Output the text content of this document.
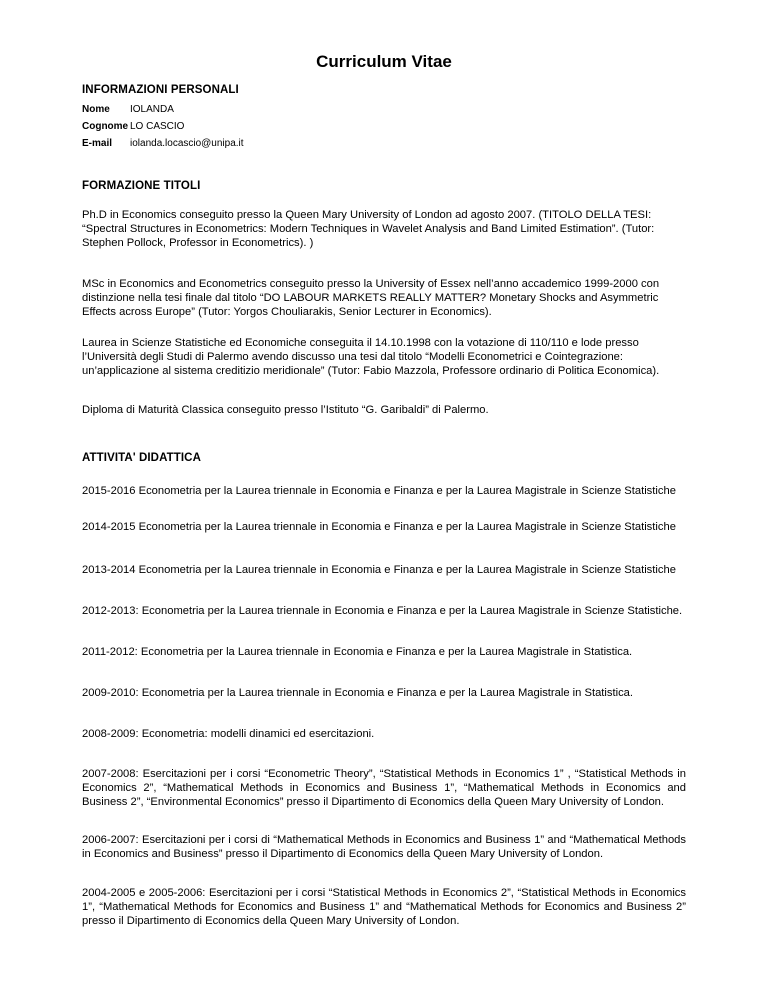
Curriculum Vitae
INFORMAZIONI PERSONALI
Nome	IOLANDA
Cognome	LO CASCIO
E-mail	iolanda.locascio@unipa.it
FORMAZIONE TITOLI

Ph.D in Economics conseguito presso la Queen Mary University of London ad agosto 2007. (TITOLO DELLA TESI: “Spectral Structures in Econometrics: Modern Techniques in Wavelet Analysis and Band Limited Estimation”. (Tutor: Stephen Pollock, Professor in Econometrics). )

MSc in Economics and Econometrics conseguito presso la University of Essex nell’anno accademico 1999-2000 con distinzione nella tesi finale dal titolo “DO LABOUR MARKETS REALLY MATTER? Monetary Shocks and Asymmetric Effects across Europe” (Tutor: Yorgos Chouliarakis, Senior Lecturer in Economics).

Laurea in Scienze Statistiche ed Economiche conseguita il 14.10.1998 con la votazione di 110/110 e lode presso l’Università degli Studi di Palermo avendo discusso una tesi dal titolo “Modelli Econometrici e Cointegrazione: un’applicazione al sistema creditizio meridionale” (Tutor: Fabio Mazzola, Professore ordinario di Politica Economica).

Diploma di Maturità Classica conseguito presso l’Istituto “G. Garibaldi” di Palermo.

ATTIVITA' DIDATTICA

2015-2016 Econometria per la Laurea triennale in Economia e Finanza e per la Laurea Magistrale in Scienze Statistiche

2014-2015 Econometria per la Laurea triennale in Economia e Finanza e per la Laurea Magistrale in Scienze Statistiche

2013-2014 Econometria per la Laurea triennale in Economia e Finanza e per la Laurea Magistrale in Scienze Statistiche

2012-2013: Econometria per la Laurea triennale in Economia e Finanza e per la Laurea Magistrale in Scienze Statistiche.

2011-2012: Econometria per la Laurea triennale in Economia e Finanza e per la Laurea Magistrale in Statistica.

2009-2010: Econometria per la Laurea triennale in Economia e Finanza e per la Laurea Magistrale in Statistica.

2008-2009: Econometria: modelli dinamici ed esercitazioni.

2007-2008: Esercitazioni per i corsi “Econometric Theory”, “Statistical Methods in Economics 1” , “Statistical Methods in Economics 2”, “Mathematical Methods in Economics and Business 1”, “Mathematical Methods in Economics and Business 2”, “Environmental Economics” presso il Dipartimento di Economics della Queen Mary University of London.

2006-2007: Esercitazioni per i corsi di “Mathematical Methods in Economics and Business 1” and “Mathematical Methods in Economics and Business” presso il Dipartimento di Economics della Queen Mary University of London.

2004-2005 e 2005-2006: Esercitazioni per i corsi “Statistical Methods in Economics 2”, “Statistical Methods in Economics 1”, “Mathematical Methods for Economics and Business 1” and “Mathematical Methods for Economics and Business 2” presso il Dipartimento di Economics della Queen Mary University of London.
